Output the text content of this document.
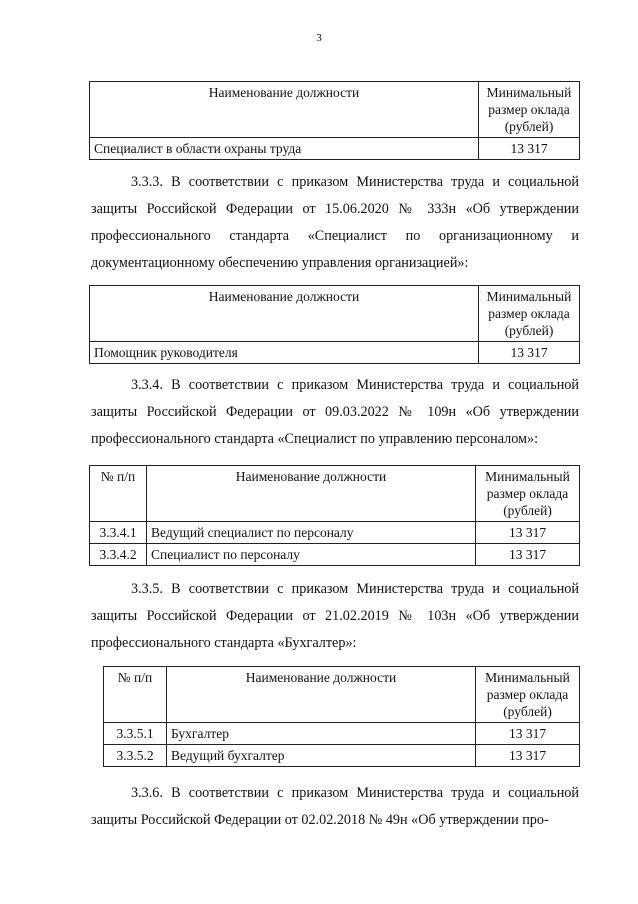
3
Наименование должности	Минимальный размер оклада (рублей)
Специалист в области охраны труда	13 317

3.3.3. В соответствии с приказом Министерства труда и социальной защиты Российской Федерации от 15.06.2020 № 333н «Об утверждении профессионального стандарта «Специалист по организационному и документационному обеспечению управления организацией»:

Наименование должности	Минимальный размер оклада (рублей)
Помощник руководителя	13 317

3.3.4. В соответствии с приказом Министерства труда и социальной защиты Российской Федерации от 09.03.2022 № 109н «Об утверждении профессионального стандарта «Специалист по управлению персоналом»:

№ п/п	Наименование должности	Минимальный размер оклада (рублей)
3.3.4.1	Ведущий специалист по персоналу	13 317
3.3.4.2	Специалист по персоналу	13 317

3.3.5. В соответствии с приказом Министерства труда и социальной защиты Российской Федерации от 21.02.2019 № 103н «Об утверждении профессионального стандарта «Бухгалтер»:

№ п/п	Наименование должности	Минимальный размер оклада (рублей)
3.3.5.1	Бухгалтер	13 317
3.3.5.2	Ведущий бухгалтер	13 317

3.3.6. В соответствии с приказом Министерства труда и социальной защиты Российской Федерации от 02.02.2018 № 49н «Об утверждении про-
